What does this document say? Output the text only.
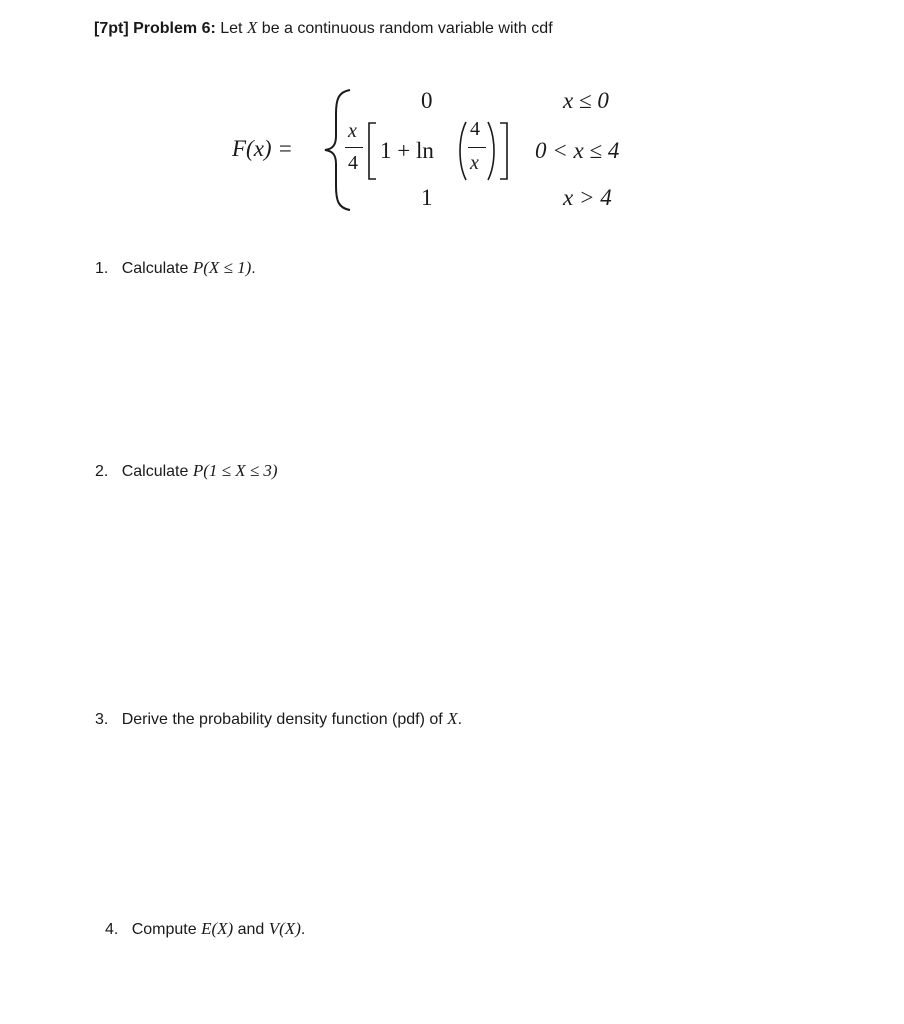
[7pt] Problem 6: Let X be a continuous random variable with cdf
F(x) =
0	x ≤ 0
x
4 1 + ln
4
x 0 < x ≤ 4
1	x > 4
1. Calculate P(X ≤ 1).
2. Calculate P(1 ≤ X ≤ 3)
3. Derive the probability density function (pdf) of X.
4. Compute E(X) and V(X).
